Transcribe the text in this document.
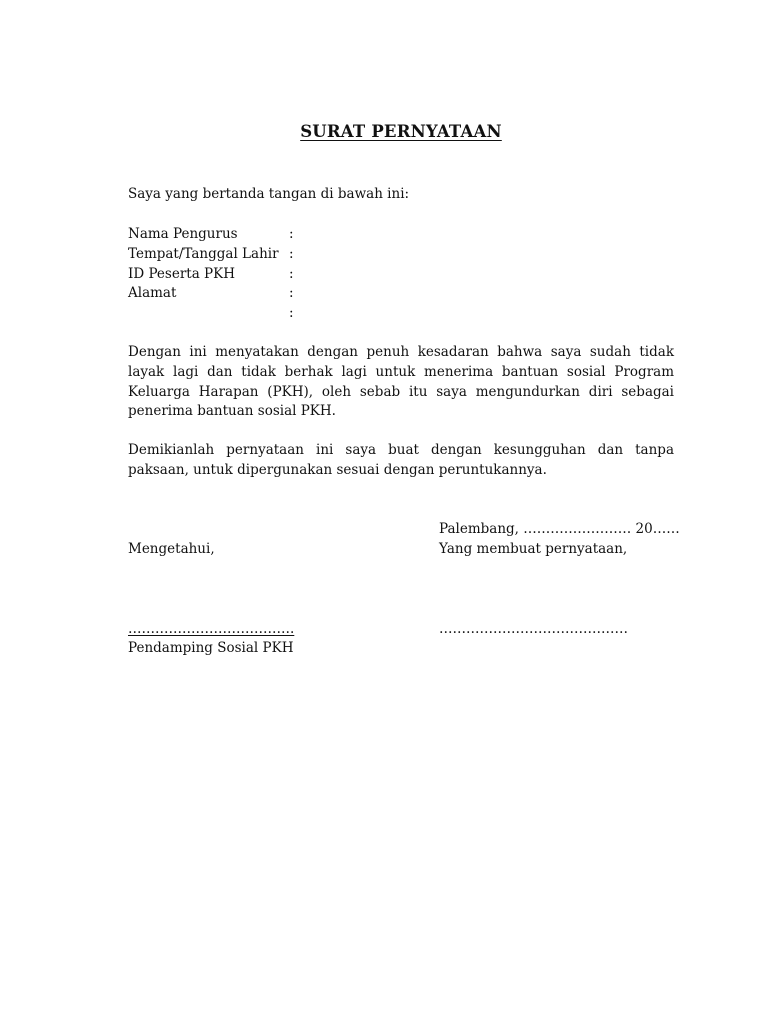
SURAT PERNYATAAN
Saya yang bertanda tangan di bawah ini:
Nama Pengurus	:
Tempat/Tanggal Lahir :
ID Peserta PKH	:
Alamat	:
:
Dengan ini menyatakan dengan penuh kesadaran bahwa saya sudah tidak layak lagi dan tidak berhak lagi untuk menerima bantuan sosial Program Keluarga Harapan (PKH), oleh sebab itu saya mengundurkan diri sebagai penerima bantuan sosial PKH.
Demikianlah pernyataan ini saya buat dengan kesungguhan dan tanpa paksaan, untuk dipergunakan sesuai dengan peruntukannya.
Palembang, …………………… 20……
Mengetahui,	Yang membuat pernyataan,
……………………………….	……………………………………
Pendamping Sosial PKH
